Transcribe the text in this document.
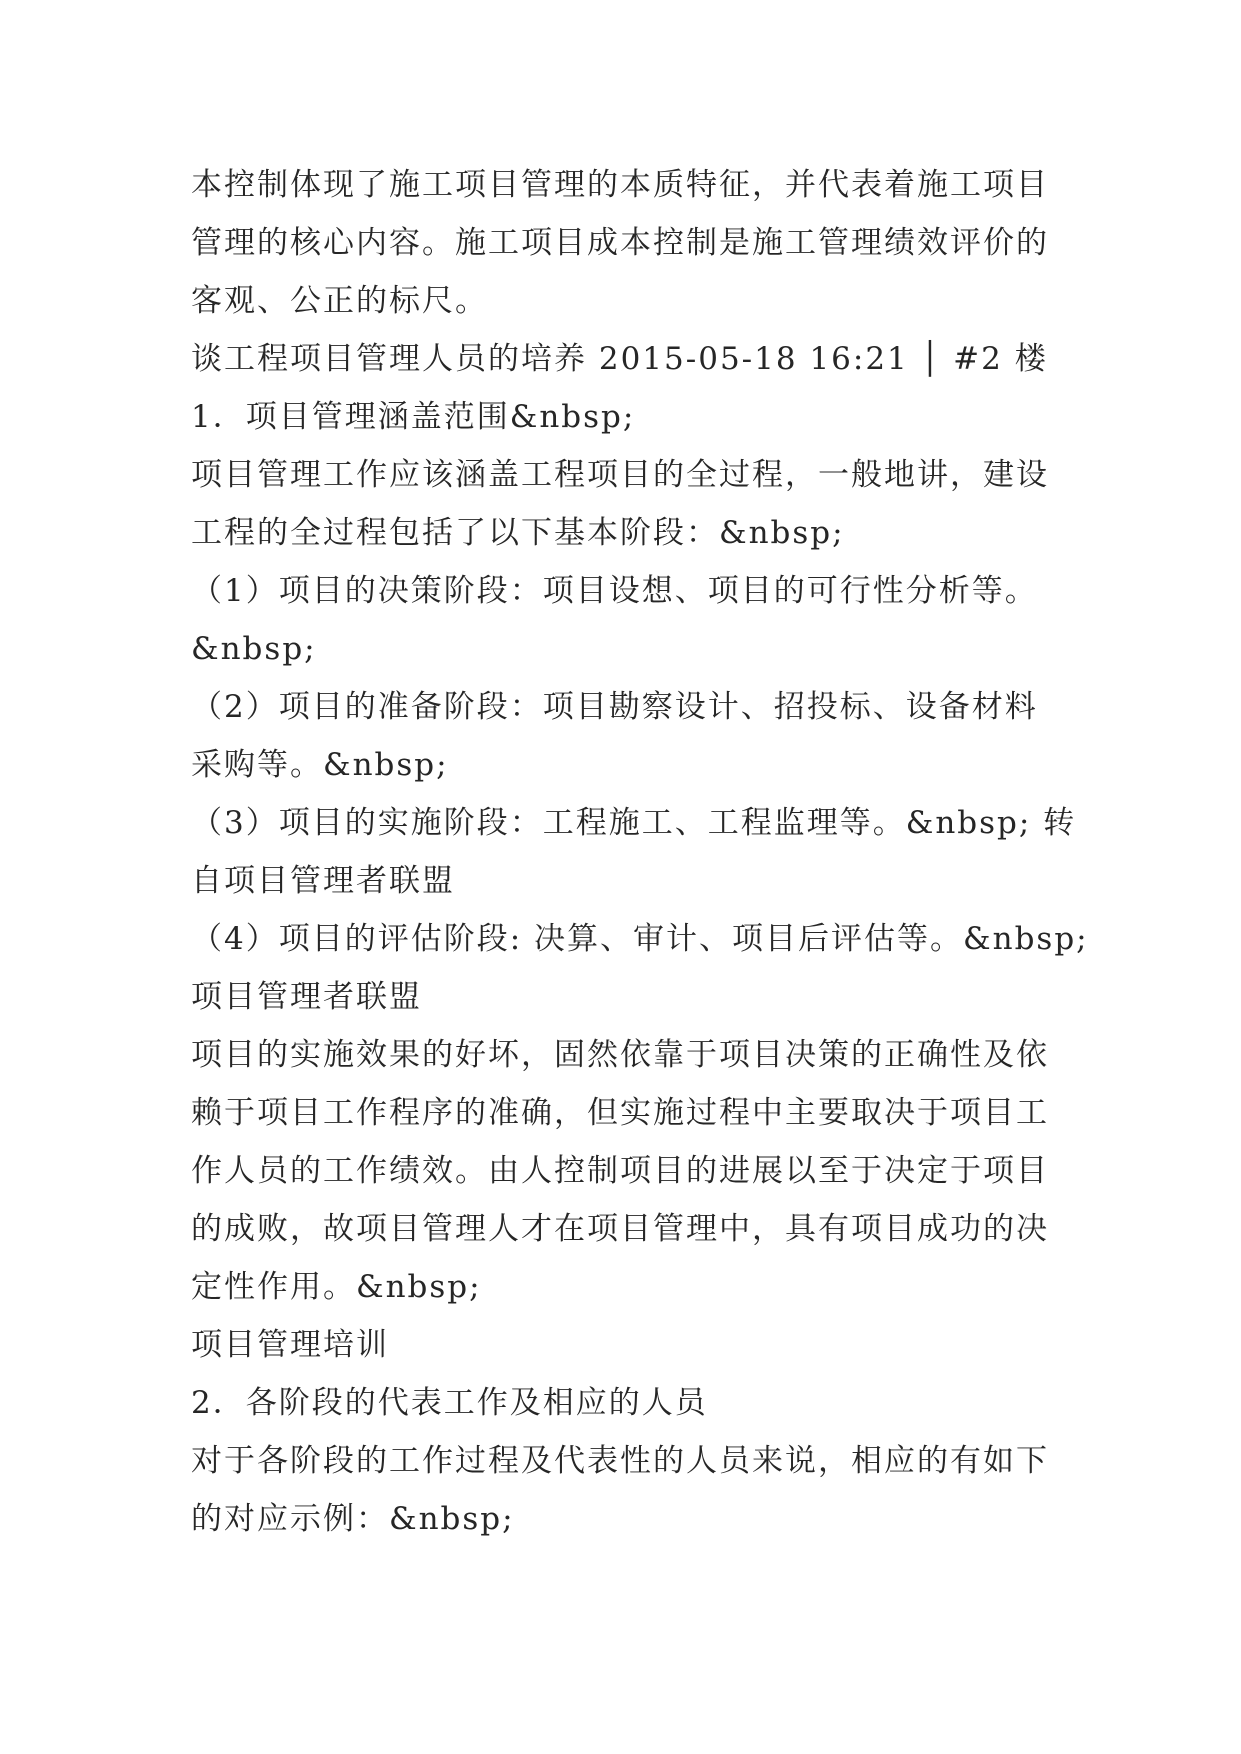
本控制体现了施工项目管理的本质特征，并代表着施工项目
管理的核心内容。施工项目成本控制是施工管理绩效评价的
客观、公正的标尺。
谈工程项目管理人员的培养 2015-05-18 16:21 │ #2 楼
1．项目管理涵盖范围&nbsp;
项目管理工作应该涵盖工程项目的全过程，一般地讲，建设
工程的全过程包括了以下基本阶段：&nbsp;
（1）项目的决策阶段：项目设想、项目的可行性分析等。
&nbsp;
（2）项目的准备阶段：项目勘察设计、招投标、设备材料
采购等。&nbsp;
（3）项目的实施阶段：工程施工、工程监理等。&nbsp; 转
自项目管理者联盟
（4）项目的评估阶段: 决算、审计、项目后评估等。&nbsp;
项目管理者联盟
项目的实施效果的好坏，固然依靠于项目决策的正确性及依
赖于项目工作程序的准确，但实施过程中主要取决于项目工
作人员的工作绩效。由人控制项目的进展以至于决定于项目
的成败，故项目管理人才在项目管理中，具有项目成功的决
定性作用。&nbsp;
项目管理培训
2．各阶段的代表工作及相应的人员
对于各阶段的工作过程及代表性的人员来说，相应的有如下
的对应示例：&nbsp;
